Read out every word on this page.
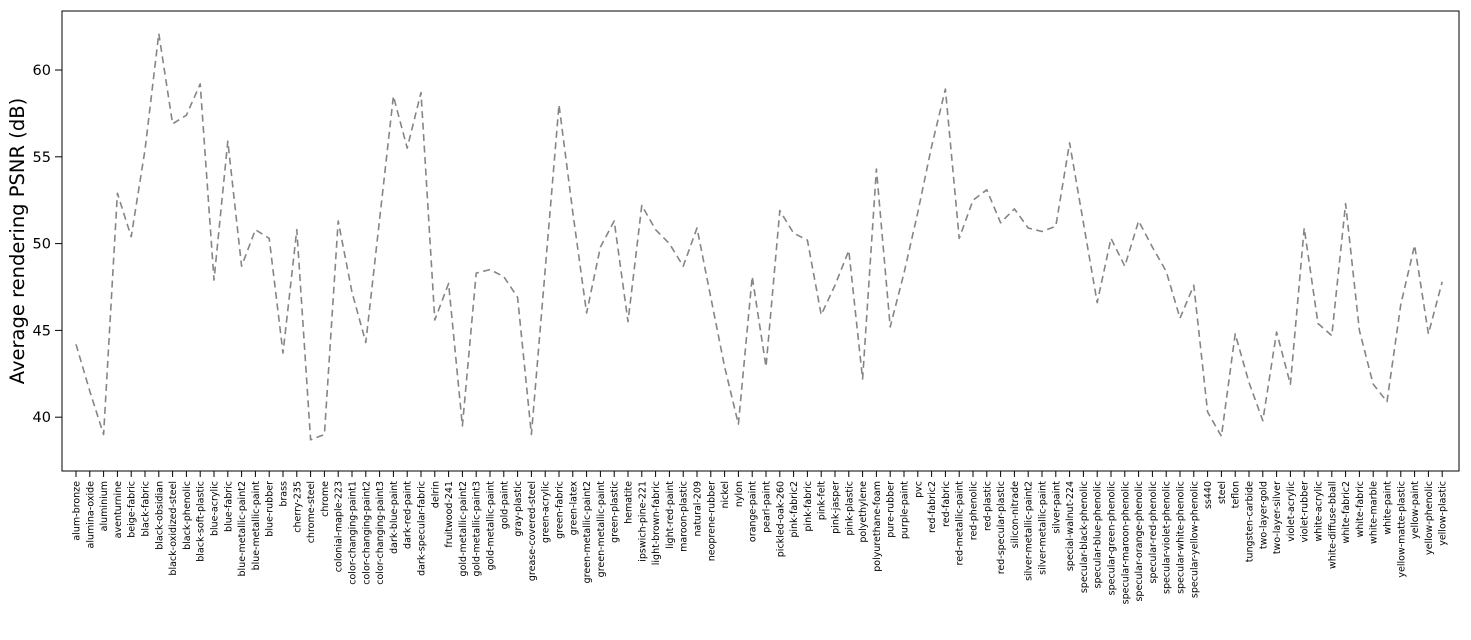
Average rendering PSNR (dB)
40
45
50
55
60
alum-bronze alumina-oxide aluminium aventurnine beige-fabric black-fabric black-obsidian black-oxidized-steel black-phenolic black-soft-plastic blue-acrylic blue-fabric blue-metallic-paint2 blue-metallic-paint blue-rubber brass cherry-235 chrome-steel chrome colonial-maple-223 color-changing-paint1 color-changing-paint2 color-changing-paint3 dark-blue-paint dark-red-paint dark-specular-fabric delrin fruitwood-241 gold-metallic-paint2 gold-metallic-paint3 gold-metallic-paint gold-paint gray-plastic grease-covered-steel green-acrylic green-fabric green-latex green-metallic-paint2 green-metallic-paint green-plastic hematite ipswich-pine-221 light-brown-fabric light-red-paint maroon-plastic natural-209 neoprene-rubber nickel nylon orange-paint pearl-paint pickled-oak-260 pink-fabric2 pink-fabric pink-felt pink-jasper pink-plastic polyethylene polyurethane-foam pure-rubber purple-paint pvc red-fabric2 red-fabric red-metallic-paint red-phenolic red-plastic red-specular-plastic silicon-nitrade silver-metallic-paint2 silver-metallic-paint silver-paint special-walnut-224 specular-black-phenolic specular-blue-phenolic specular-green-phenolic specular-maroon-phenolic specular-orange-phenolic specular-red-phenolic specular-violet-phenolic specular-white-phenolic specular-yellow-phenolic ss440 steel teflon tungsten-carbide two-layer-gold two-layer-silver violet-acrylic violet-rubber white-acrylic white-diffuse-bball white-fabric2 white-fabric white-marble white-paint yellow-matte-plastic yellow-paint yellow-phenolic yellow-plastic
